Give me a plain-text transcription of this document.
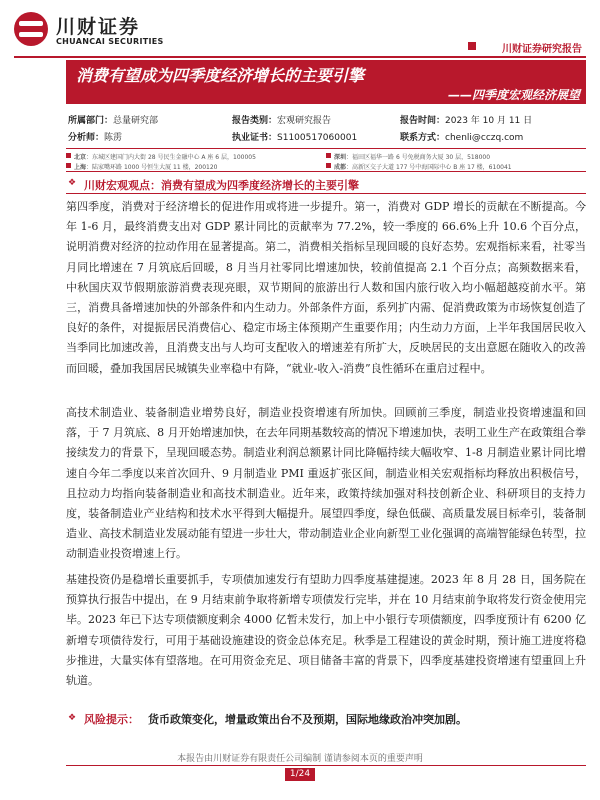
川财证券
CHUANCAI SECURITIES
川财证券研究报告
消费有望成为四季度经济增长的主要引擎
——四季度宏观经济展望
所属部门：总量研究部	报告类别：宏观研究报告	报告时间：2023 年 10 月 11 日
分析师：陈雳	执业证书：S1100517060001	联系方式：chenli@cczq.com
北京：东城区建国门内大街 28 号民生金融中心 A 座 6 层，100005	深圳：福田区福华一路 6 号免税商务大厦 30 层，518000
上海：陆家嘴环路 1000 号恒生大厦 11 楼，200120	成都：高新区交子大道 177 号中海国际中心 B 座 17 楼，610041
❖ 川财宏观观点：消费有望成为四季度经济增长的主要引擎
第四季度，消费对于经济增长的促进作用或将进一步提升。第一，消费对 GDP 增长的贡献在不断提高。今年 1-6 月，最终消费支出对 GDP 累计同比的贡献率为 77.2%，较一季度的 66.6%上升 10.6 个百分点，说明消费对经济的拉动作用在显著提高。第二，消费相关指标呈现回暖的良好态势。宏观指标来看，社零当月同比增速在 7 月筑底后回暖，8 月当月社零同比增速加快，较前值提高 2.1 个百分点；高频数据来看，中秋国庆双节假期旅游消费表现亮眼，双节期间的旅游出行人数和国内旅行收入均小幅超越疫前水平。第三，消费具备增速加快的外部条件和内生动力。外部条件方面，系列扩内需、促消费政策为市场恢复创造了良好的条件，对提振居民消费信心、稳定市场主体预期产生重要作用；内生动力方面，上半年我国居民收入当季同比加速改善，且消费支出与人均可支配收入的增速差有所扩大，反映居民的支出意愿在随收入的改善而回暖，叠加我国居民城镇失业率稳中有降，“就业-收入-消费”良性循环在重启过程中。
高技术制造业、装备制造业增势良好，制造业投资增速有所加快。回顾前三季度，制造业投资增速温和回落，于 7 月筑底、8 月开始增速加快，在去年同期基数较高的情况下增速加快，表明工业生产在政策组合拳接续发力的背景下，呈现回暖态势。制造业利润总额累计同比降幅持续大幅收窄、1-8 月制造业累计同比增速自今年二季度以来首次回升、9 月制造业 PMI 重返扩张区间，制造业相关宏观指标均释放出积极信号，且拉动力均指向装备制造业和高技术制造业。近年来，政策持续加强对科技创新企业、科研项目的支持力度，装备制造业产业结构和技术水平得到大幅提升。展望四季度，绿色低碳、高质量发展目标牵引，装备制造业、高技术制造业发展动能有望进一步壮大，带动制造业企业向新型工业化强调的高端智能绿色转型，拉动制造业投资增速上行。
基建投资仍是稳增长重要抓手，专项债加速发行有望助力四季度基建提速。2023 年 8 月 28 日，国务院在预算执行报告中提出，在 9 月结束前争取将新增专项债发行完毕，并在 10 月结束前争取将发行资金使用完毕。2023 年已下达专项债额度剩余 4000 亿暂未发行，加上中小银行专项债额度，四季度预计有 6200 亿新增专项债待发行，可用于基础设施建设的资金总体充足。秋季是工程建设的黄金时期，预计施工进度将稳步推进，大量实体有望落地。在可用资金充足、项目储备丰富的背景下，四季度基建投资增速有望重回上升轨道。
❖ 风险提示： 货币政策变化，增量政策出台不及预期，国际地缘政治冲突加剧。
本报告由川财证券有限责任公司编制 谨请参阅本页的重要声明
1/24
